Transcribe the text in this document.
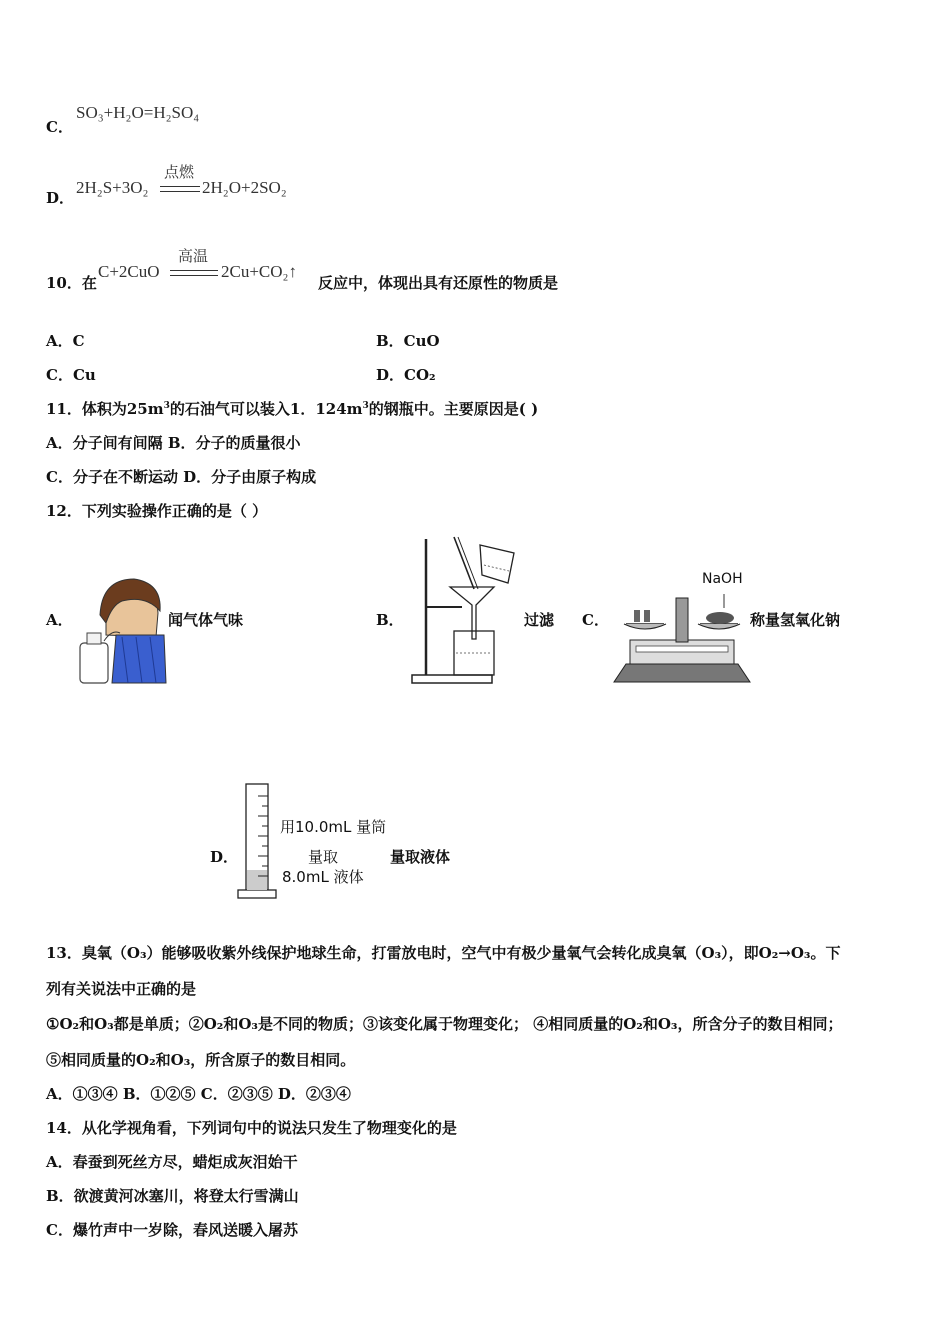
C．
SO₃+H₂O=H₂SO₄
D．
2H₂S+3O₂
点燃
2H₂O+2SO₂
10．在
C+2CuO
高温
2Cu+CO₂↑
反应中，体现出具有还原性的物质是
A．C	B．CuO
C．Cu	D．CO₂
11．体积为$25m^3$的石油气可以装入1．$124m^3$的钢瓶中。主要原因是( )
A．分子间有间隔 B．分子的质量很小
C．分子在不断运动 D．分子由原子构成
12．下列实验操作正确的是（ ）
A．	闻气体气味	B．	过滤 C．
NaOH
称量氢氧化钠
D．
用10.0mL 量筒
量取
8.0mL 液体
量取液体
13．臭氧（O₃）能够吸收紫外线保护地球生命，打雷放电时，空气中有极少量氧气会转化成臭氧（O₃），即O₂→O₃。下
列有关说法中正确的是
①O₂和O₃都是单质；②O₂和O₃是不同的物质；③该变化属于物理变化； ④相同质量的O₂和O₃，所含分子的数目相同；
⑤相同质量的O₂和O₃，所含原子的数目相同。
A．①③④ B．①②⑤ C．②③⑤ D．②③④
14．从化学视角看，下列词句中的说法只发生了物理变化的是
A．春蚕到死丝方尽，蜡炬成灰泪始干
B．欲渡黄河冰塞川，将登太行雪满山
C．爆竹声中一岁除，春风送暖入屠苏
